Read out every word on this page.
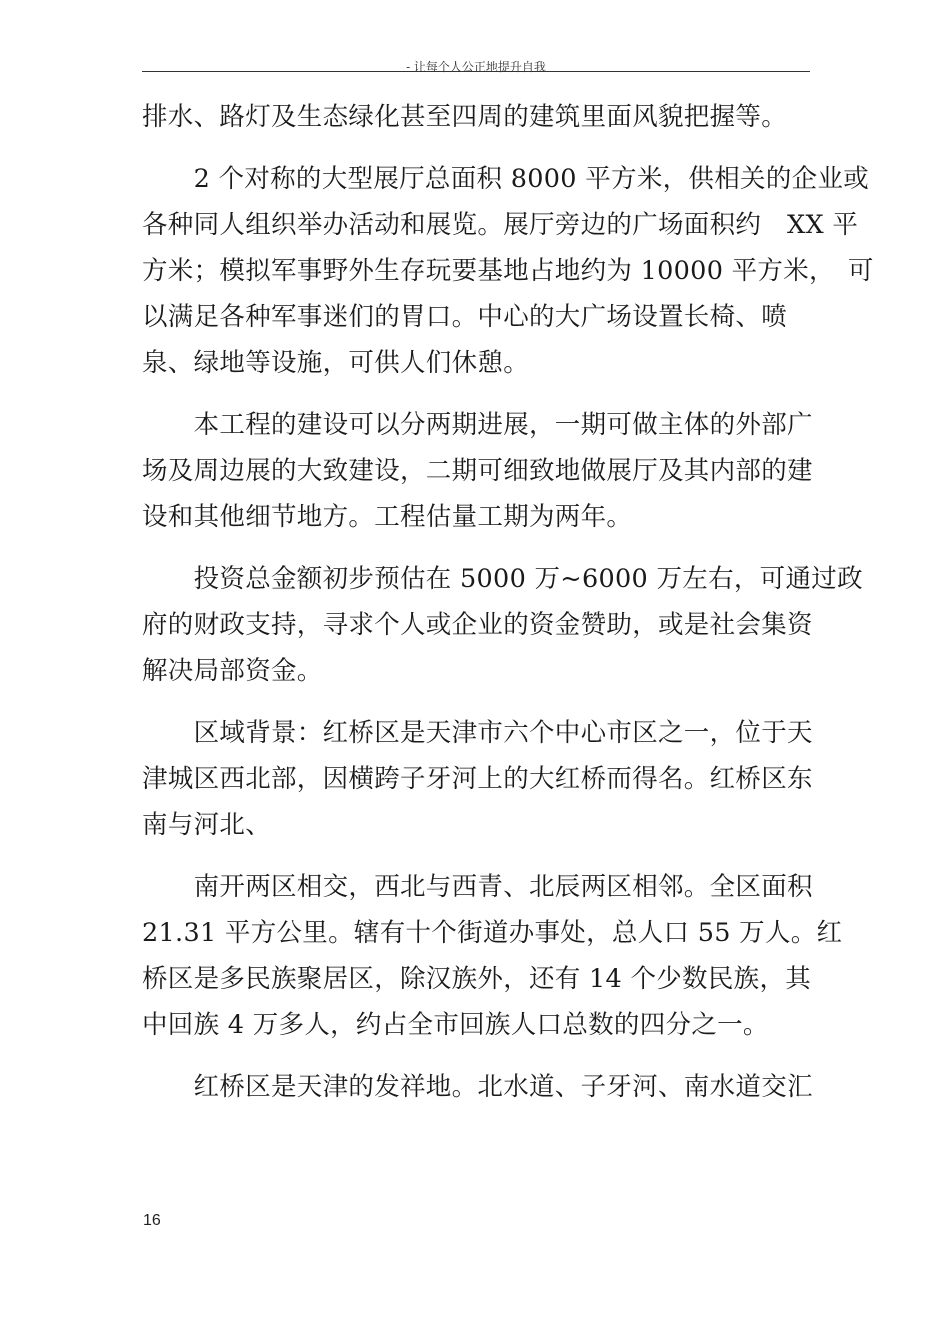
- 让每个人公正地提升自我
排水、路灯及生态绿化甚至四周的建筑里面风貌把握等。
　　2 个对称的大型展厅总面积 8000 平方米，供相关的企业或
各种同人组织举办活动和展览。展厅旁边的广场面积约　XX 平
方米；模拟军事野外生存玩要基地占地约为 10000 平方米，　可
以满足各种军事迷们的胃口。中心的大广场设置长椅、喷
泉、绿地等设施，可供人们休憩。
　　本工程的建设可以分两期进展，一期可做主体的外部广
场及周边展的大致建设，二期可细致地做展厅及其内部的建
设和其他细节地方。工程估量工期为两年。
　　投资总金额初步预估在 5000 万~6000 万左右，可通过政
府的财政支持，寻求个人或企业的资金赞助，或是社会集资
解决局部资金。
　　区域背景：红桥区是天津市六个中心市区之一，位于天
津城区西北部，因横跨子牙河上的大红桥而得名。红桥区东
南与河北、
　　南开两区相交，西北与西青、北辰两区相邻。全区面积
21.31 平方公里。辖有十个街道办事处，总人口 55 万人。红
桥区是多民族聚居区，除汉族外，还有 14 个少数民族，其
中回族 4 万多人，约占全市回族人口总数的四分之一。
　　红桥区是天津的发祥地。北水道、子牙河、南水道交汇
16
